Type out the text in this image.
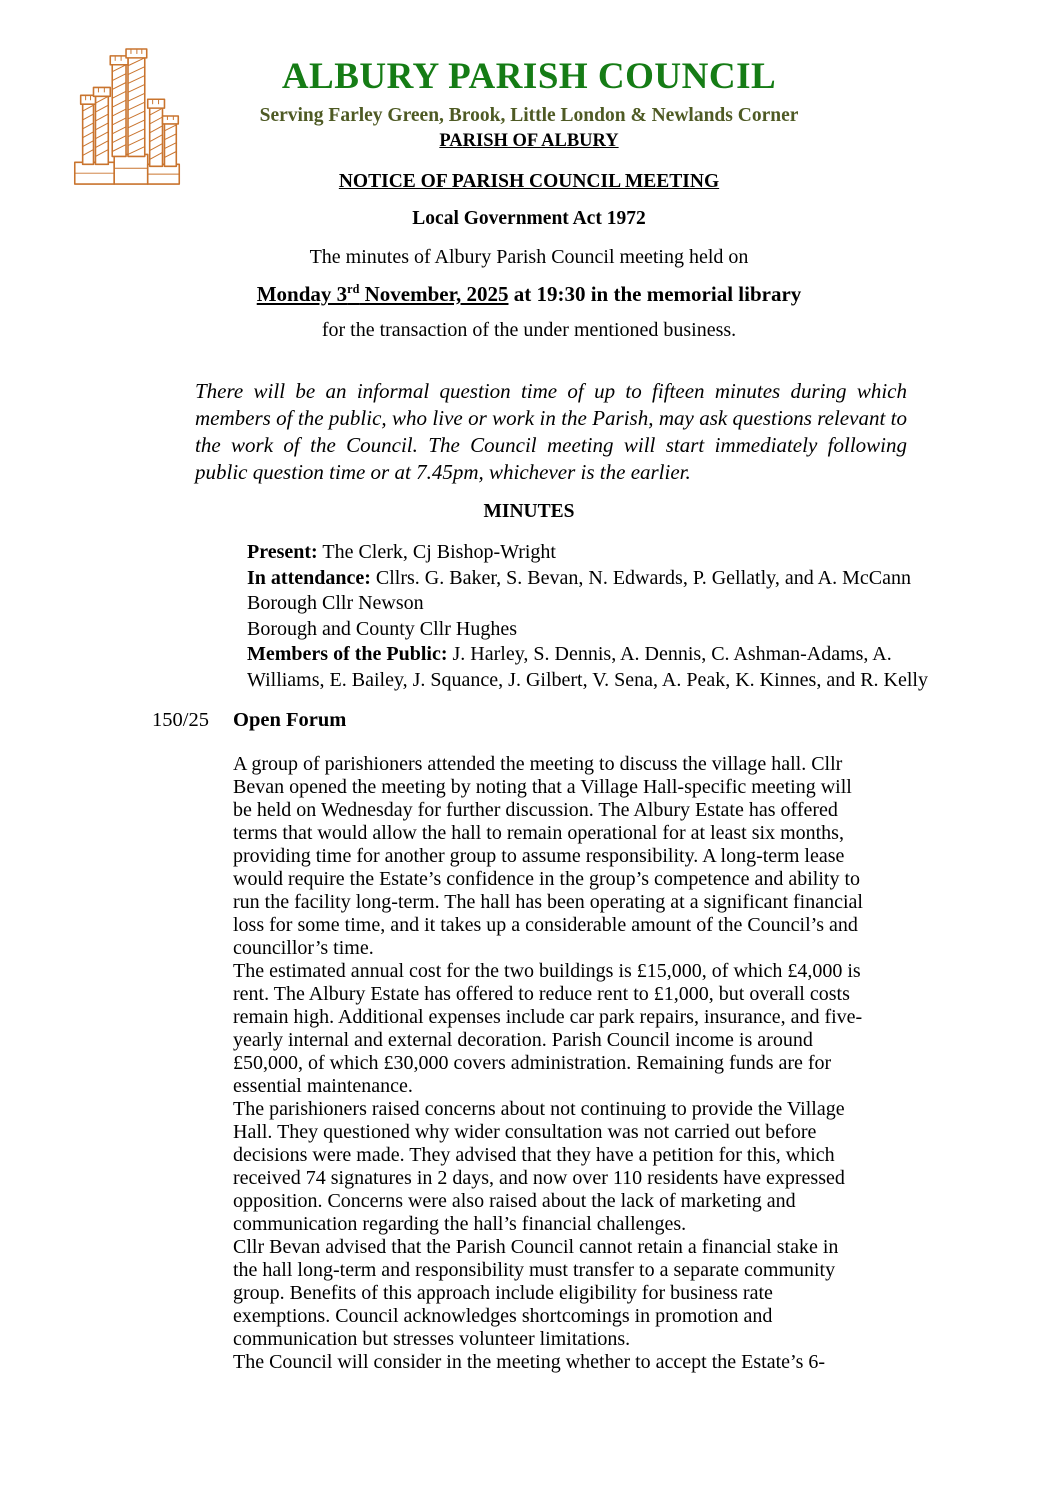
ALBURY PARISH COUNCIL
Serving Farley Green, Brook, Little London & Newlands Corner
PARISH OF ALBURY
NOTICE OF PARISH COUNCIL MEETING
Local Government Act 1972
The minutes of Albury Parish Council meeting held on
Monday 3rd November, 2025 at 19:30 in the memorial library
for the transaction of the under mentioned business.
There will be an informal question time of up to fifteen minutes during which members of the public, who live or work in the Parish, may ask questions relevant to the work of the Council. The Council meeting will start immediately following public question time or at 7.45pm, whichever is the earlier.
MINUTES
Present: The Clerk, Cj Bishop-Wright
In attendance: Cllrs. G. Baker, S. Bevan, N. Edwards, P. Gellatly, and A. McCann
Borough Cllr Newson
Borough and County Cllr Hughes
Members of the Public: J. Harley, S. Dennis, A. Dennis, C. Ashman-Adams, A. Williams, E. Bailey, J. Squance, J. Gilbert, V. Sena, A. Peak, K. Kinnes, and R. Kelly
150/25	Open Forum

A group of parishioners attended the meeting to discuss the village hall. Cllr Bevan opened the meeting by noting that a Village Hall-specific meeting will be held on Wednesday for further discussion. The Albury Estate has offered terms that would allow the hall to remain operational for at least six months, providing time for another group to assume responsibility. A long-term lease would require the Estate’s confidence in the group’s competence and ability to run the facility long-term. The hall has been operating at a significant financial loss for some time, and it takes up a considerable amount of the Council’s and councillor’s time.

The estimated annual cost for the two buildings is £15,000, of which £4,000 is rent. The Albury Estate has offered to reduce rent to £1,000, but overall costs remain high. Additional expenses include car park repairs, insurance, and five-yearly internal and external decoration. Parish Council income is around £50,000, of which £30,000 covers administration. Remaining funds are for essential maintenance.

The parishioners raised concerns about not continuing to provide the Village Hall. They questioned why wider consultation was not carried out before decisions were made. They advised that they have a petition for this, which received 74 signatures in 2 days, and now over 110 residents have expressed opposition. Concerns were also raised about the lack of marketing and communication regarding the hall’s financial challenges.

Cllr Bevan advised that the Parish Council cannot retain a financial stake in the hall long-term and responsibility must transfer to a separate community group. Benefits of this approach include eligibility for business rate exemptions. Council acknowledges shortcomings in promotion and communication but stresses volunteer limitations.

The Council will consider in the meeting whether to accept the Estate’s 6-
